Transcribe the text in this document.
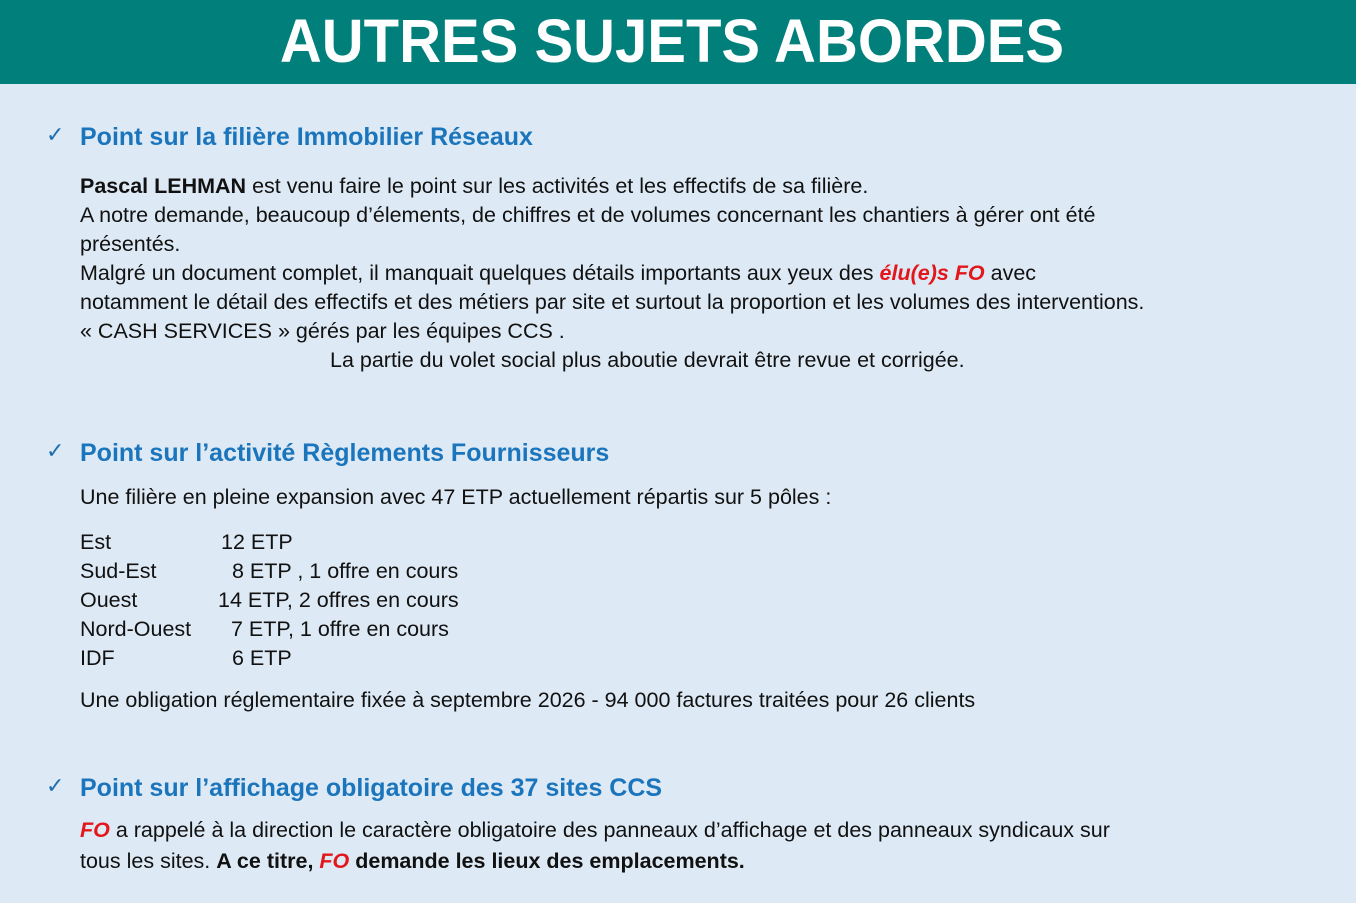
AUTRES SUJETS ABORDES
✓ Point sur la filière Immobilier Réseaux
Pascal LEHMAN est venu faire le point sur les activités et les effectifs de sa filière.
A notre demande, beaucoup d’élements, de chiffres et de volumes concernant les chantiers à gérer ont été
présentés.
Malgré un document complet, il manquait quelques détails importants aux yeux des élu(e)s FO avec
notamment le détail des effectifs et des métiers par site et surtout la proportion et les volumes des interventions.
« CASH SERVICES » gérés par les équipes CCS .
La partie du volet social plus aboutie devrait être revue et corrigée.
✓ Point sur l’activité Règlements Fournisseurs
Une filière en pleine expansion avec 47 ETP actuellement répartis sur 5 pôles :
Est	12 ETP
Sud-Est	8 ETP , 1 offre en cours
Ouest	14 ETP, 2 offres en cours
Nord-Ouest 7 ETP, 1 offre en cours
IDF	6 ETP
Une obligation réglementaire fixée à septembre 2026 - 94 000 factures traitées pour 26 clients
✓ Point sur l’affichage obligatoire des 37 sites CCS
FO a rappelé à la direction le caractère obligatoire des panneaux d’affichage et des panneaux syndicaux sur
tous les sites. A ce titre, FO demande les lieux des emplacements.
